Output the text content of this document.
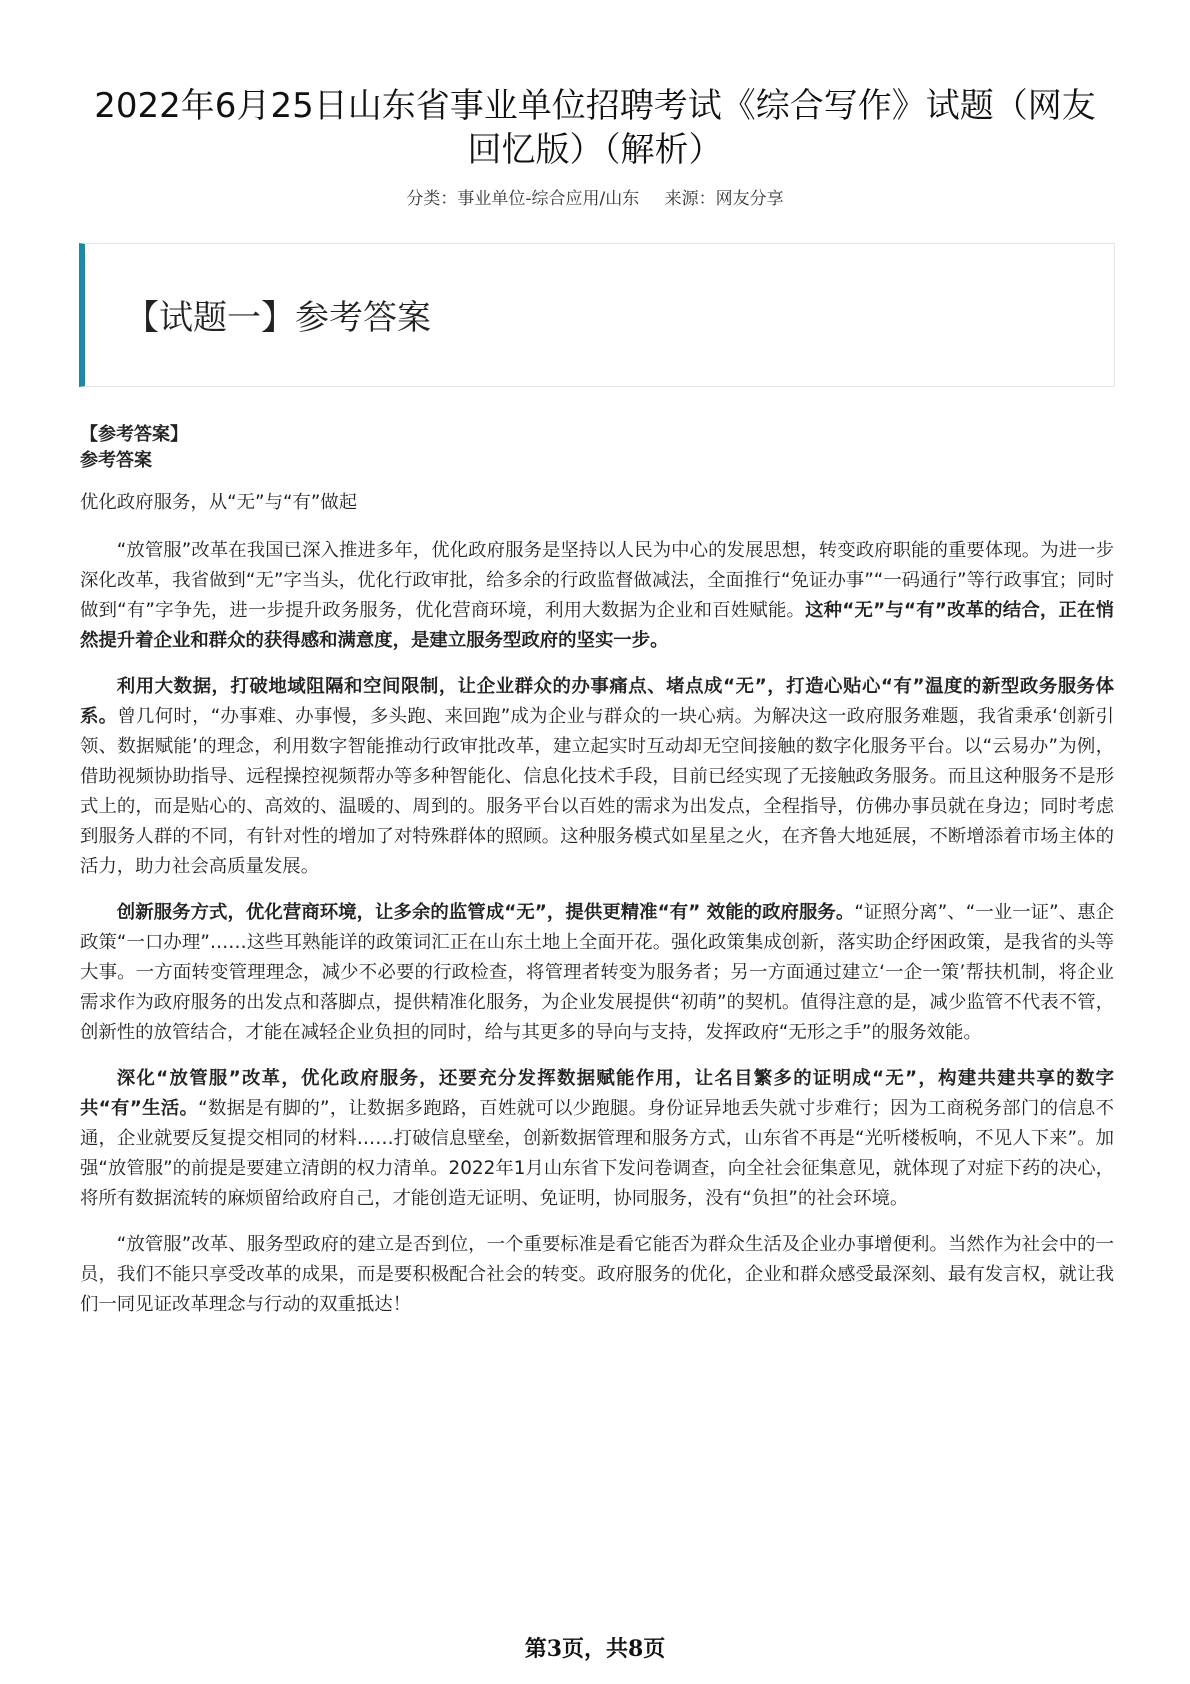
2022年6月25日山东省事业单位招聘考试《综合写作》试题（网友回忆版）（解析）
分类：事业单位-综合应用/山东 来源：网友分享
【试题一】参考答案
【参考答案】
参考答案
优化政府服务，从“无”与“有”做起

“放管服”改革在我国已深入推进多年，优化政府服务是坚持以人民为中心的发展思想，转变政府职能的重要体现。为进一步深化改革，我省做到“无”字当头，优化行政审批，给多余的行政监督做减法，全面推行“免证办事”“一码通行”等行政事宜；同时做到“有”字争先，进一步提升政务服务，优化营商环境，利用大数据为企业和百姓赋能。这种“无”与“有”改革的结合，正在悄然提升着企业和群众的获得感和满意度，是建立服务型政府的坚实一步。

利用大数据，打破地域阻隔和空间限制，让企业群众的办事痛点、堵点成“无”，打造心贴心“有”温度的新型政务服务体系。曾几何时，“办事难、办事慢，多头跑、来回跑”成为企业与群众的一块心病。为解决这一政府服务难题，我省秉承‘创新引领、数据赋能’的理念，利用数字智能推动行政审批改革，建立起实时互动却无空间接触的数字化服务平台。以“云易办”为例，借助视频协助指导、远程操控视频帮办等多种智能化、信息化技术手段，目前已经实现了无接触政务服务。而且这种服务不是形式上的，而是贴心的、高效的、温暖的、周到的。服务平台以百姓的需求为出发点，全程指导，仿佛办事员就在身边；同时考虑到服务人群的不同，有针对性的增加了对特殊群体的照顾。这种服务模式如星星之火，在齐鲁大地延展，不断增添着市场主体的活力，助力社会高质量发展。

创新服务方式，优化营商环境，让多余的监管成“无”，提供更精准“有” 效能的政府服务。“证照分离”、“一业一证”、惠企政策“一口办理”……这些耳熟能详的政策词汇正在山东土地上全面开花。强化政策集成创新，落实助企纾困政策，是我省的头等大事。一方面转变管理理念，减少不必要的行政检查，将管理者转变为服务者；另一方面通过建立‘一企一策’帮扶机制，将企业需求作为政府服务的出发点和落脚点，提供精准化服务，为企业发展提供“初萌”的契机。值得注意的是，减少监管不代表不管，创新性的放管结合，才能在减轻企业负担的同时，给与其更多的导向与支持，发挥政府“无形之手”的服务效能。

深化“放管服”改革，优化政府服务，还要充分发挥数据赋能作用，让名目繁多的证明成“无”，构建共建共享的数字共“有”生活。“数据是有脚的”，让数据多跑路，百姓就可以少跑腿。身份证异地丢失就寸步难行；因为工商税务部门的信息不通，企业就要反复提交相同的材料……打破信息壁垒，创新数据管理和服务方式，山东省不再是“光听楼板响，不见人下来”。加强“放管服”的前提是要建立清朗的权力清单。2022年1月山东省下发问卷调查，向全社会征集意见，就体现了对症下药的决心，将所有数据流转的麻烦留给政府自己，才能创造无证明、免证明，协同服务，没有“负担”的社会环境。

“放管服”改革、服务型政府的建立是否到位，一个重要标准是看它能否为群众生活及企业办事增便利。当然作为社会中的一员，我们不能只享受改革的成果，而是要积极配合社会的转变。政府服务的优化，企业和群众感受最深刻、最有发言权，就让我们一同见证改革理念与行动的双重抵达！

第3页，共8页
